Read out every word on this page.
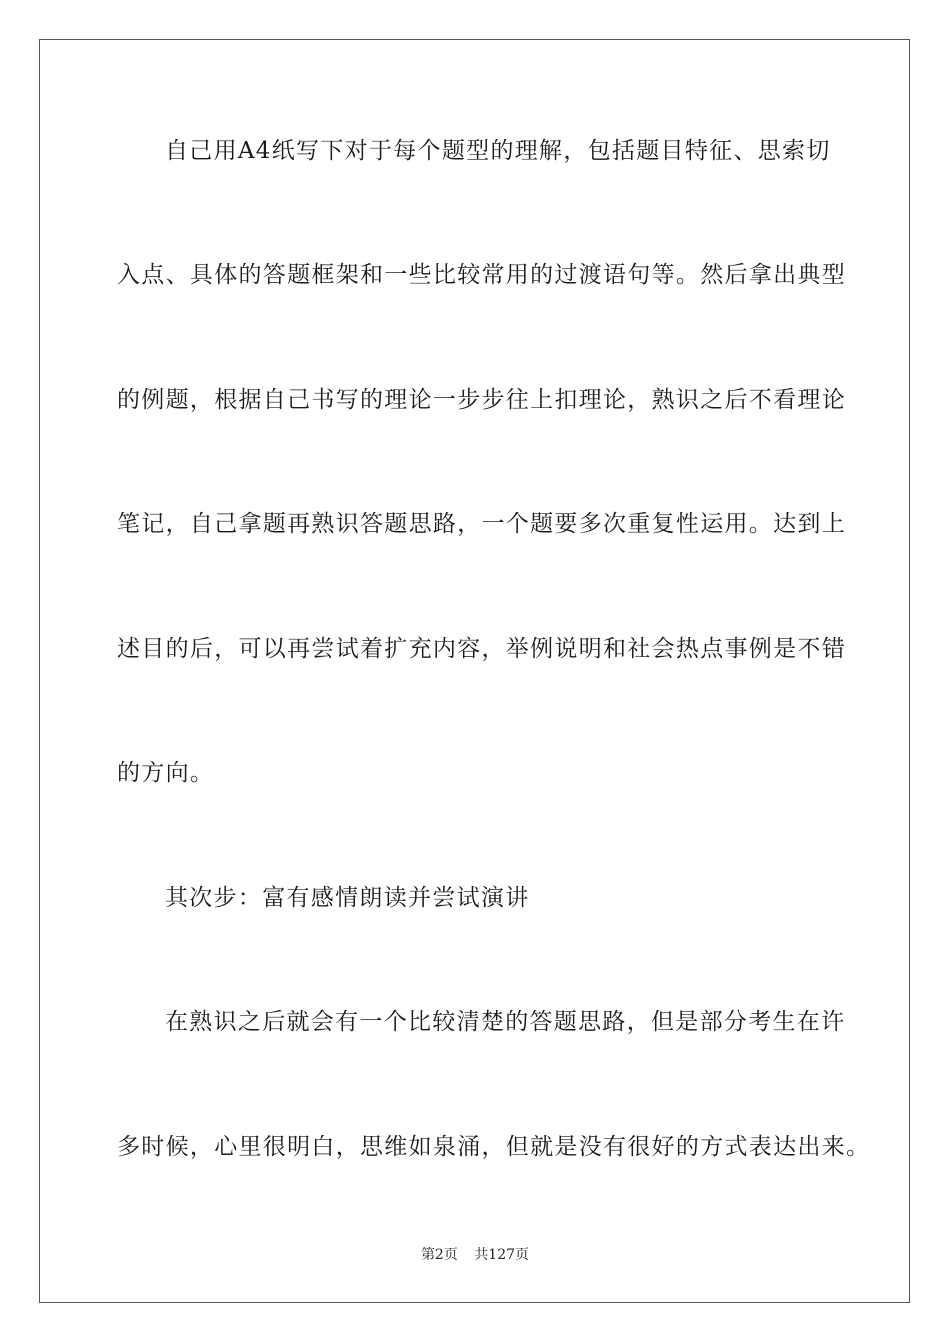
自己用A4纸写下对于每个题型的理解，包括题目特征、思索切
入点、具体的答题框架和一些比较常用的过渡语句等。然后拿出典型
的例题，根据自己书写的理论一步步往上扣理论，熟识之后不看理论
笔记，自己拿题再熟识答题思路，一个题要多次重复性运用。达到上
述目的后，可以再尝试着扩充内容，举例说明和社会热点事例是不错
的方向。
其次步：富有感情朗读并尝试演讲
在熟识之后就会有一个比较清楚的答题思路，但是部分考生在许
多时候，心里很明白，思维如泉涌，但就是没有很好的方式表达出来。
第2页 共127页
